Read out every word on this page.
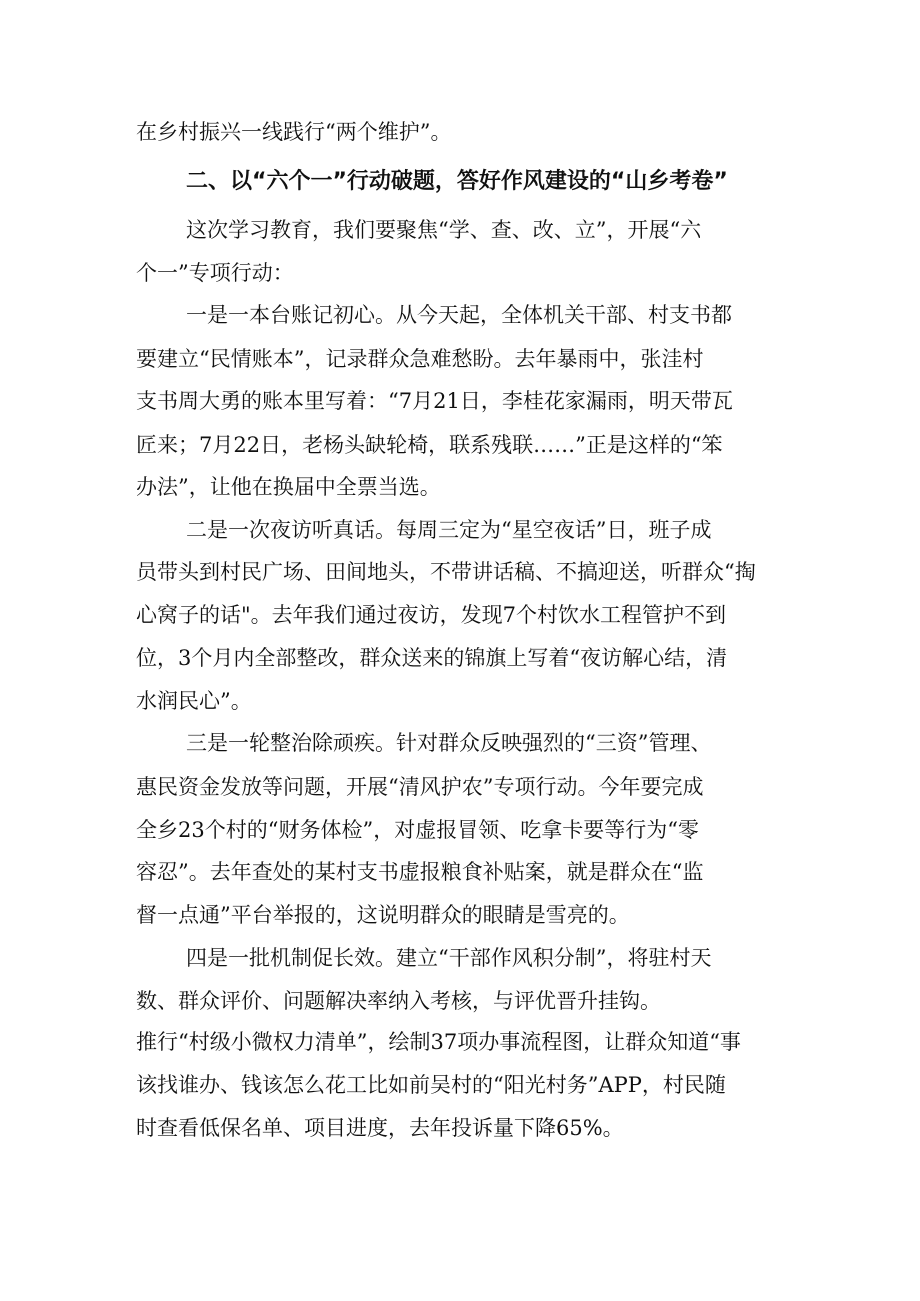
在乡村振兴一线践行“两个维护”。
二、以“六个一”行动破题，答好作风建设的“山乡考卷”
这次学习教育，我们要聚焦“学、查、改、立”，开展“六
个一”专项行动：
一是一本台账记初心。从今天起，全体机关干部、村支书都
要建立“民情账本”，记录群众急难愁盼。去年暴雨中，张洼村
支书周大勇的账本里写着：“7月21日，李桂花家漏雨，明天带瓦
匠来；7月22日，老杨头缺轮椅，联系残联……”正是这样的“笨
办法”，让他在换届中全票当选。
二是一次夜访听真话。每周三定为“星空夜话”日，班子成
员带头到村民广场、田间地头，不带讲话稿、不搞迎送，听群众“掏
心窝子的话"。去年我们通过夜访，发现7个村饮水工程管护不到
位，3个月内全部整改，群众送来的锦旗上写着“夜访解心结，清
水润民心”。
三是一轮整治除顽疾。针对群众反映强烈的“三资”管理、
惠民资金发放等问题，开展“清风护农”专项行动。今年要完成
全乡23个村的“财务体检”，对虚报冒领、吃拿卡要等行为“零
容忍”。去年查处的某村支书虚报粮食补贴案，就是群众在“监
督一点通”平台举报的，这说明群众的眼睛是雪亮的。
四是一批机制促长效。建立“干部作风积分制”，将驻村天
数、群众评价、问题解决率纳入考核，与评优晋升挂钩。
推行“村级小微权力清单”，绘制37项办事流程图，让群众知道“事
该找谁办、钱该怎么花工比如前吴村的“阳光村务”APP，村民随
时查看低保名单、项目进度，去年投诉量下降65%。
